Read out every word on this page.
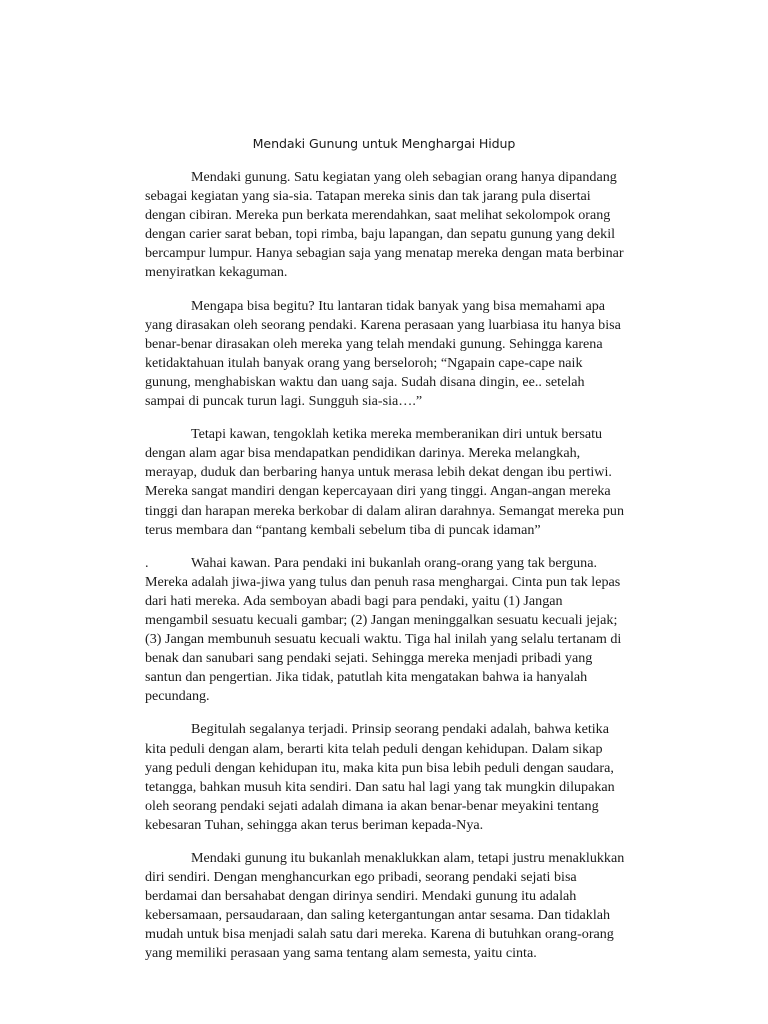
Mendaki Gunung untuk Menghargai Hidup

Mendaki gunung. Satu kegiatan yang oleh sebagian orang hanya dipandang sebagai kegiatan yang sia-sia. Tatapan mereka sinis dan tak jarang pula disertai dengan cibiran. Mereka pun berkata merendahkan, saat melihat sekolompok orang dengan carier sarat beban, topi rimba, baju lapangan, dan sepatu gunung yang dekil bercampur lumpur. Hanya sebagian saja yang menatap mereka dengan mata berbinar menyiratkan kekaguman.

Mengapa bisa begitu? Itu lantaran tidak banyak yang bisa memahami apa yang dirasakan oleh seorang pendaki. Karena perasaan yang luarbiasa itu hanya bisa benar-benar dirasakan oleh mereka yang telah mendaki gunung. Sehingga karena ketidaktahuan itulah banyak orang yang berseloroh; “Ngapain cape-cape naik gunung, menghabiskan waktu dan uang saja. Sudah disana dingin, ee.. setelah sampai di puncak turun lagi. Sungguh sia-sia….”

Tetapi kawan, tengoklah ketika mereka memberanikan diri untuk bersatu dengan alam agar bisa mendapatkan pendidikan darinya. Mereka melangkah, merayap, duduk dan berbaring hanya untuk merasa lebih dekat dengan ibu pertiwi. Mereka sangat mandiri dengan kepercayaan diri yang tinggi. Angan-angan mereka tinggi dan harapan mereka berkobar di dalam aliran darahnya. Semangat mereka pun terus membara dan “pantang kembali sebelum tiba di puncak idaman”

.	Wahai kawan. Para pendaki ini bukanlah orang-orang yang tak berguna. Mereka adalah jiwa-jiwa yang tulus dan penuh rasa menghargai. Cinta pun tak lepas dari hati mereka. Ada semboyan abadi bagi para pendaki, yaitu (1) Jangan mengambil sesuatu kecuali gambar; (2) Jangan meninggalkan sesuatu kecuali jejak; (3) Jangan membunuh sesuatu kecuali waktu. Tiga hal inilah yang selalu tertanam di benak dan sanubari sang pendaki sejati. Sehingga mereka menjadi pribadi yang santun dan pengertian. Jika tidak, patutlah kita mengatakan bahwa ia hanyalah pecundang.

Begitulah segalanya terjadi. Prinsip seorang pendaki adalah, bahwa ketika kita peduli dengan alam, berarti kita telah peduli dengan kehidupan. Dalam sikap yang peduli dengan kehidupan itu, maka kita pun bisa lebih peduli dengan saudara, tetangga, bahkan musuh kita sendiri. Dan satu hal lagi yang tak mungkin dilupakan oleh seorang pendaki sejati adalah dimana ia akan benar-benar meyakini tentang kebesaran Tuhan, sehingga akan terus beriman kepada-Nya.

Mendaki gunung itu bukanlah menaklukkan alam, tetapi justru menaklukkan diri sendiri. Dengan menghancurkan ego pribadi, seorang pendaki sejati bisa berdamai dan bersahabat dengan dirinya sendiri. Mendaki gunung itu adalah kebersamaan, persaudaraan, dan saling ketergantungan antar sesama. Dan tidaklah mudah untuk bisa menjadi salah satu dari mereka. Karena di butuhkan orang-orang yang memiliki perasaan yang sama tentang alam semesta, yaitu cinta.
